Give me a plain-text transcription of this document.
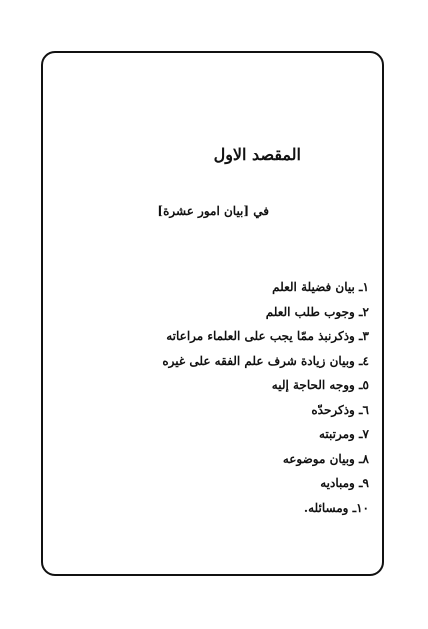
المقصد الاول
في [بيان امور عشرة]
١ـ بيان فضيلة العلم
٢ـ وجوب طلب العلم
٣ـ وذكرنبذ ممّا يجب على العلماء مراعاته
٤ـ وبيان زيادة شرف علم الفقه على غيره
٥ـ ووجه الحاجة إليه
٦ـ وذكرحدّه
٧ـ ومرتبته
٨ـ وبيان موضوعه
٩ـ ومباديه
١٠ـ ومسائله.
